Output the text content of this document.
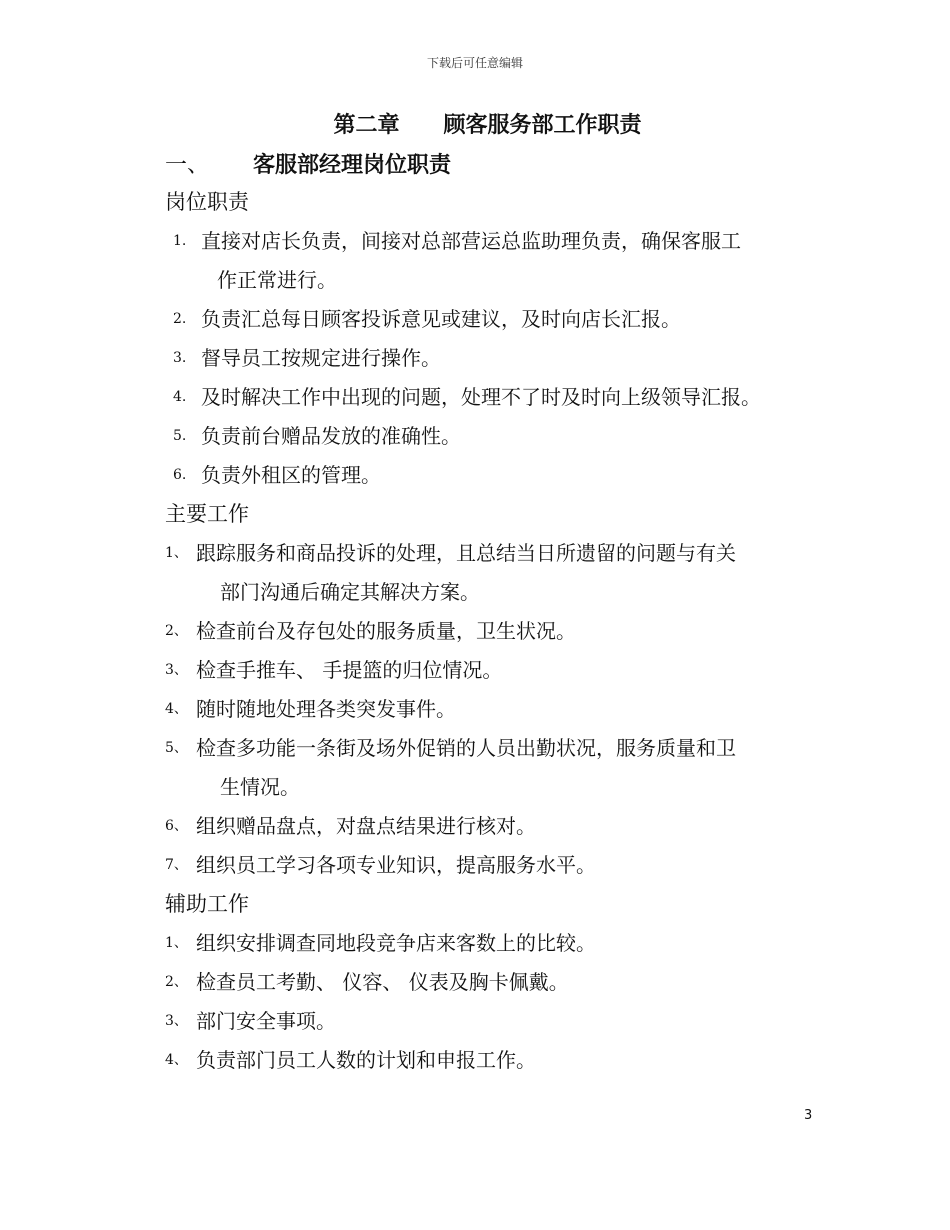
下载后可任意编辑
第二章 顾客服务部工作职责
一、 客服部经理岗位职责
岗位职责
1. 直接对店长负责，间接对总部营运总监助理负责，确保客服工
作正常进行。
2. 负责汇总每日顾客投诉意见或建议，及时向店长汇报。
3. 督导员工按规定进行操作。
4. 及时解决工作中出现的问题，处理不了时及时向上级领导汇报。
5. 负责前台赠品发放的准确性。
6. 负责外租区的管理。
主要工作
1、 跟踪服务和商品投诉的处理，且总结当日所遗留的问题与有关
部门沟通后确定其解决方案。
2、 检查前台及存包处的服务质量，卫生状况。
3、 检查手推车、 手提篮的归位情况。
4、 随时随地处理各类突发事件。
5、 检查多功能一条街及场外促销的人员出勤状况，服务质量和卫
生情况。
6、 组织赠品盘点，对盘点结果进行核对。
7、 组织员工学习各项专业知识，提高服务水平。
辅助工作
1、 组织安排调查同地段竞争店来客数上的比较。
2、 检查员工考勤、 仪容、 仪表及胸卡佩戴。
3、 部门安全事项。
4、 负责部门员工人数的计划和申报工作。
3
